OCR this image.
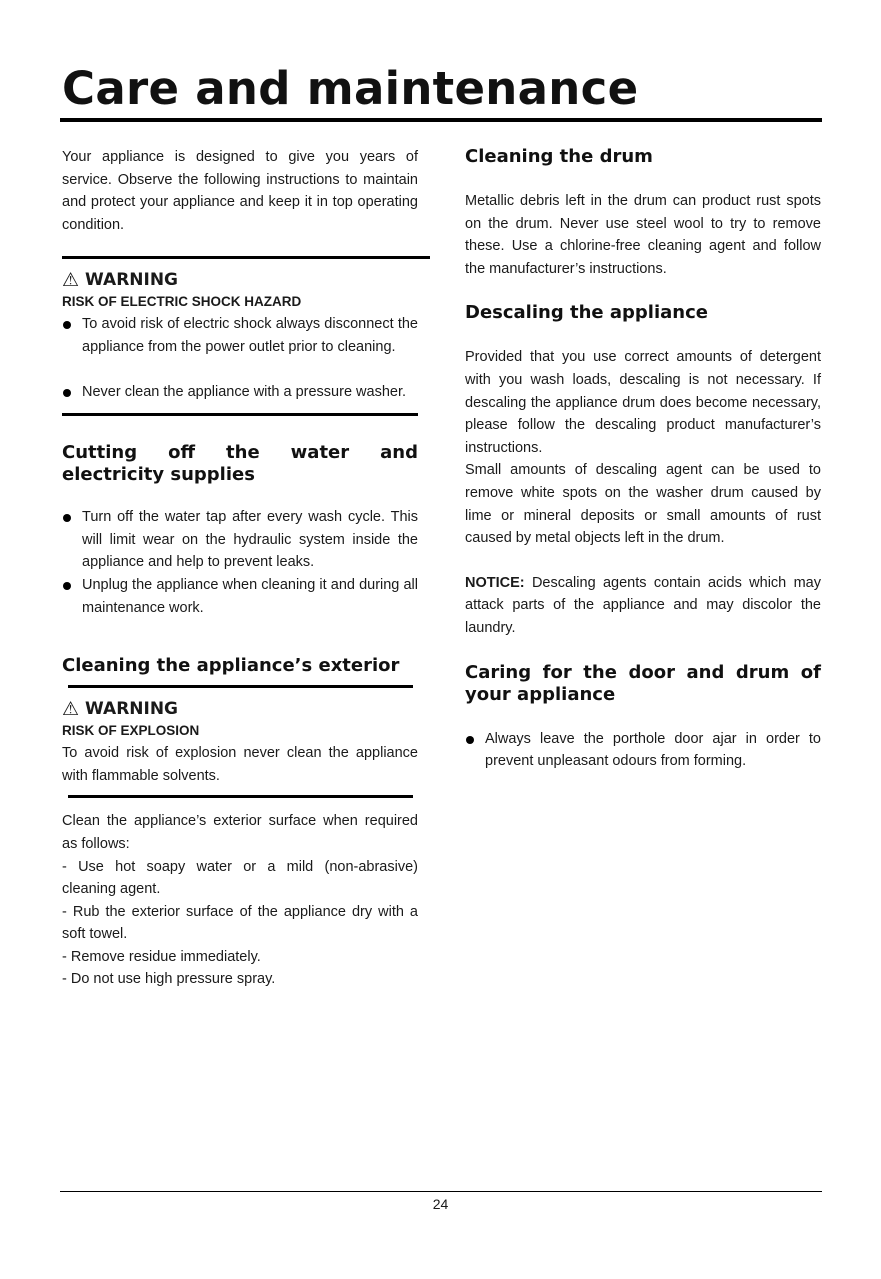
Care and maintenance

Your appliance is designed to give you years of service. Observe the following instructions to maintain and protect your appliance and keep it in top operating condition.

⚠ WARNING
RISK OF ELECTRIC SHOCK HAZARD
To avoid risk of electric shock always disconnect the appliance from the power outlet prior to cleaning.
Never clean the appliance with a pressure washer.
Cutting off the water and electricity supplies
Turn off the water tap after every wash cycle. This will limit wear on the hydraulic system inside the appliance and help to prevent leaks.
Unplug the appliance when cleaning it and during all maintenance work.
Cleaning the appliance’s exterior
⚠ WARNING
RISK OF EXPLOSION

To avoid risk of explosion never clean the appliance with flammable solvents.

Clean the appliance’s exterior surface when required as follows:

- Use hot soapy water or a mild (non-abrasive) cleaning agent.

- Rub the exterior surface of the appliance dry with a soft towel.

- Remove residue immediately.

- Do not use high pressure spray.

Cleaning the drum

Metallic debris left in the drum can product rust spots on the drum. Never use steel wool to try to remove these. Use a chlorine-free cleaning agent and follow the manufacturer’s instructions.

Descaling the appliance

Provided that you use correct amounts of detergent with you wash loads, descaling is not necessary. If descaling the appliance drum does become necessary, please follow the descaling product manufacturer’s instructions.

Small amounts of descaling agent can be used to remove white spots on the washer drum caused by lime or mineral deposits or small amounts of rust caused by metal objects left in the drum.

NOTICE: Descaling agents contain acids which may attack parts of the appliance and may discolor the laundry.

Caring for the door and drum of your appliance
Always leave the porthole door ajar in order to prevent unpleasant odours from forming.
24
